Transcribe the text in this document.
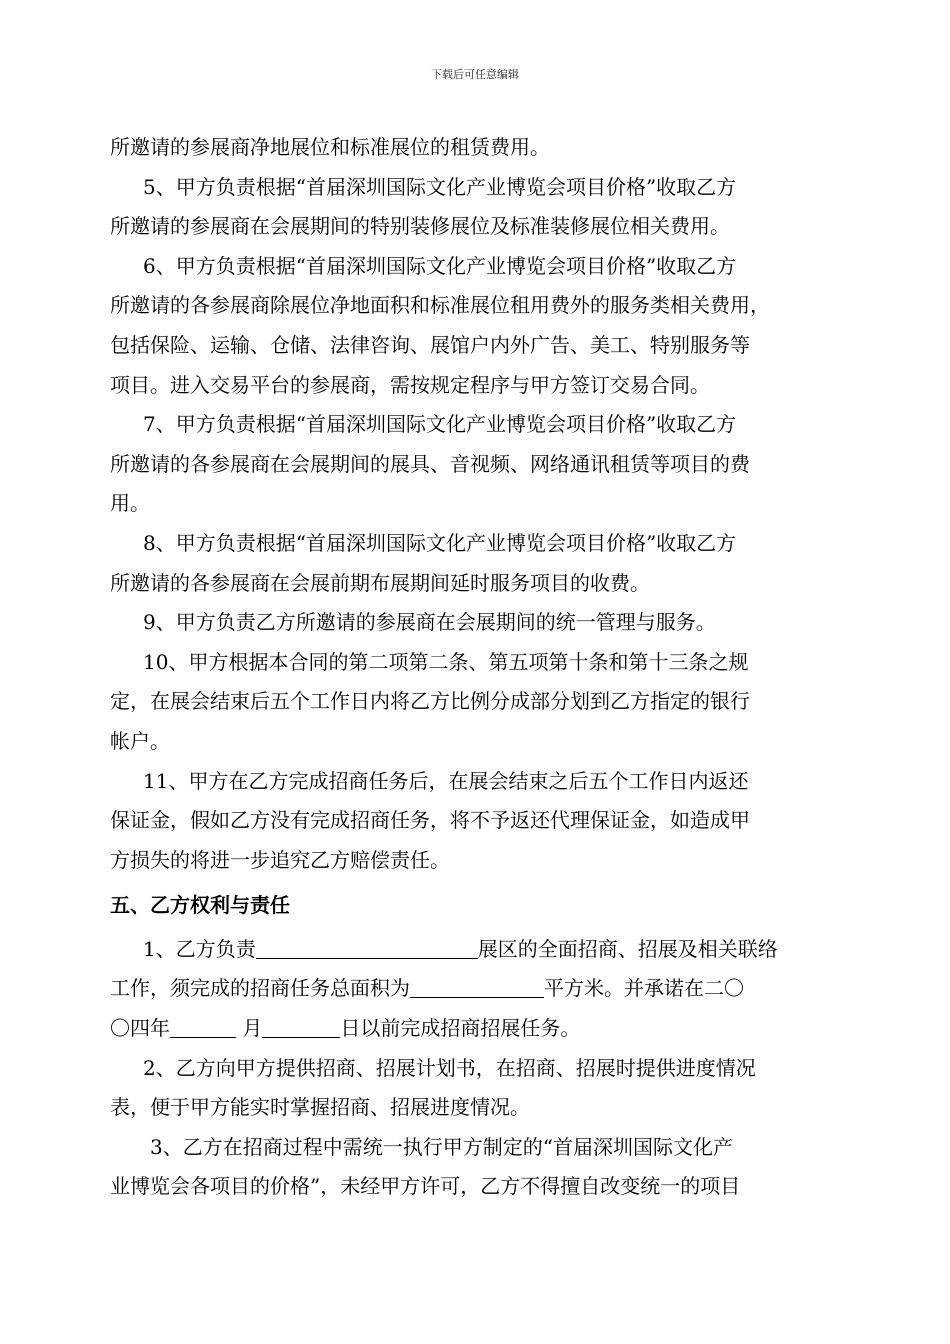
下载后可任意编辑
所邀请的参展商净地展位和标准展位的租赁费用。
5、甲方负责根据“首届深圳国际文化产业博览会项目价格”收取乙方
所邀请的参展商在会展期间的特别装修展位及标准装修展位相关费用。
6、甲方负责根据“首届深圳国际文化产业博览会项目价格”收取乙方
所邀请的各参展商除展位净地面积和标准展位租用费外的服务类相关费用，
包括保险、运输、仓储、法律咨询、展馆户内外广告、美工、特别服务等
项目。进入交易平台的参展商，需按规定程序与甲方签订交易合同。
7、甲方负责根据“首届深圳国际文化产业博览会项目价格”收取乙方
所邀请的各参展商在会展期间的展具、音视频、网络通讯租赁等项目的费
用。
8、甲方负责根据“首届深圳国际文化产业博览会项目价格”收取乙方
所邀请的各参展商在会展前期布展期间延时服务项目的收费。
9、甲方负责乙方所邀请的参展商在会展期间的统一管理与服务。
10、甲方根据本合同的第二项第二条、第五项第十条和第十三条之规
定，在展会结束后五个工作日内将乙方比例分成部分划到乙方指定的银行
帐户。
11、甲方在乙方完成招商任务后，在展会结束之后五个工作日内返还
保证金，假如乙方没有完成招商任务，将不予返还代理保证金，如造成甲
方损失的将进一步追究乙方赔偿责任。
五、乙方权利与责任
1、乙方负责	展区的全面招商、招展及相关联络
工作，须完成的招商任务总面积为	平方米。并承诺在二〇
〇四年	月	日以前完成招商招展任务。
2、乙方向甲方提供招商、招展计划书，在招商、招展时提供进度情况
表，便于甲方能实时掌握招商、招展进度情况。
3、乙方在招商过程中需统一执行甲方制定的“首届深圳国际文化产
业博览会各项目的价格”，未经甲方许可，乙方不得擅自改变统一的项目
